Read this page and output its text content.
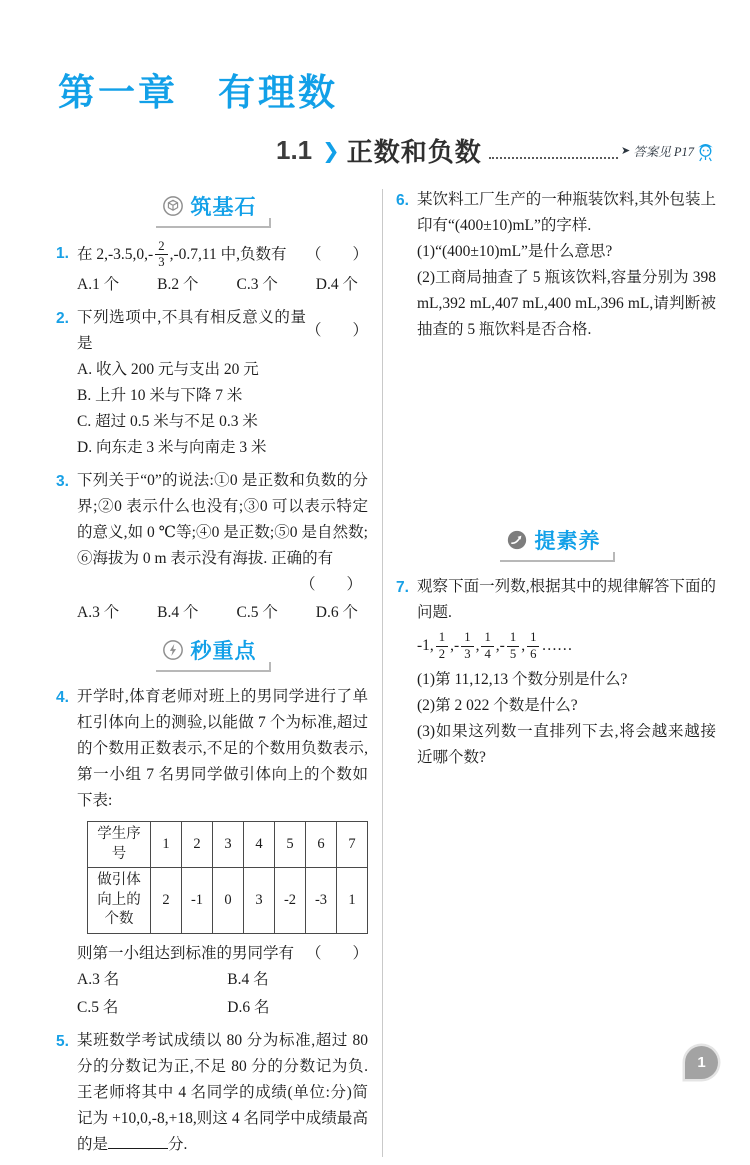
第一章　有理数
1.1 ❯ 正数和负数	➤ 答案见 P17
筑基石
1. 在 $2,-3.5,0,- \frac{2}{3} ,-0.7,11$ 中,负数有 （　　）
A.1 个 B.2 个 C.3 个 D.4 个
2. 下列选项中,不具有相反意义的量是
（　　）
A. 收入 200 元与支出 20 元
B. 上升 10 米与下降 7 米
C. 超过 0.5 米与不足 0.3 米
D. 向东走 3 米与向南走 3 米
3. 下列关于“0”的说法:①0 是正数和负数的分界;②0 表示什么也没有;③0 可以表示特定的意义,如 0 ℃等;④0 是正数;⑤0 是自然数;⑥海拔为 0 m 表示没有海拔. 正确的有
（　　）
A.3 个 B.4 个 C.5 个 D.6 个
秒重点
4. 开学时,体育老师对班上的男同学进行了单杠引体向上的测验,以能做 7 个为标准,超过的个数用正数表示,不足的个数用负数表示,第一小组 7 名男同学做引体向上的个数如下表:
学生序号	1	2	3	4	5	6	7
做引体向上的个数	2	-1	0	3	-2	-3	1
则第一小组达到标准的男同学有 （　　）
A.3 名	B.4 名
C.5 名	D.6 名
5. 某班数学考试成绩以 80 分为标准,超过 80 分的分数记为正,不足 80 分的分数记为负. 王老师将其中 4 名同学的成绩(单位:分)简记为 +10,0,-8,+18,则这 4 名同学中成绩最高的是	分.
6. 某饮料工厂生产的一种瓶装饮料,其外包装上印有“(400±10)mL”的字样.
(1)“(400±10)mL”是什么意思?
(2)工商局抽查了 5 瓶该饮料,容量分别为 398 mL,392 mL,407 mL,400 mL,396 mL,请判断被抽查的 5 瓶饮料是否合格.
提素养
7. 观察下面一列数,根据其中的规律解答下面的问题.
-1, $\frac{1}{2}$ ,- $\frac{1}{3}$ , $\frac{1}{4}$ ,- $\frac{1}{5}$ , $\frac{1}{6}$ ……
(1)第 11,12,13 个数分别是什么?
(2)第 2 022 个数是什么?
(3)如果这列数一直排列下去,将会越来越接近哪个数?
1
